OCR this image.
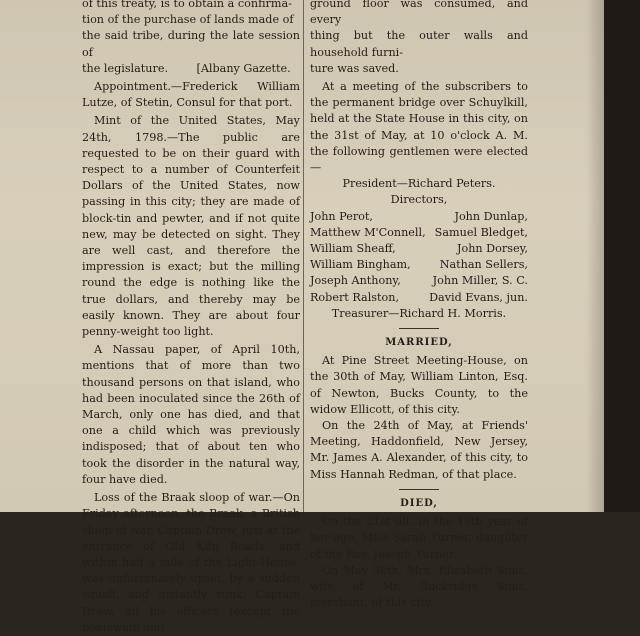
of this treaty, is to obtain a confirma-

tion of the purchase of lands made of

the said tribe, during the late session of

the legislature.        [Albany Gazette.

Appointment.—Frederick William Lutze, of Stetin, Consul for that port.

Mint of the United States, May 24th, 1798.—The public are requested to be on their guard with respect to a number of Counterfeit Dollars of the United States, now passing in this city; they are made of block-tin and pewter, and if not quite new, may be detected on sight. They are well cast, and therefore the impression is exact; but the milling round the edge is nothing like the true dollars, and thereby may be easily known. They are about four penny-weight too light.

A Nassau paper, of April 10th, mentions that of more than two thousand persons on that island, who had been inoculated since the 26th of March, only one has died, and that one a child which was previously indisposed; that of about ten who took the disorder in the natural way, four have died.

Loss of the Braak sloop of war.—On Friday afternoon, the Braak, a British sloop of war, Captain Drew, just at the entrance of Old Kiln Roads, and within half a mile of the Light-House, was unfortunately upset, by a sudden squall, and instantly sunk; Captain Drew, all his officers (except the boatswain and

ground floor was consumed, and every

thing but the outer walls and household furni-

ture was saved.

At a meeting of the subscribers to the permanent bridge over Schuylkill, held at the State House in this city, on the 31st of May, at 10 o'clock A. M. the following gentlemen were elected—

President—Richard Peters.

Directors,

John Perot,	John Dunlap,
Matthew M'Connell, Samuel Bledget,
William Sheaff,	John Dorsey,
William Bingham,	Nathan Sellers,
Joseph Anthony,	John Miller, S. C.
Robert Ralston,	David Evans, jun.

Treasurer—Richard H. Morris.

MARRIED,

At Pine Street Meeting-House, on the 30th of May, William Linton, Esq. of Newton, Bucks County, to the widow Ellicott, of this city.

On the 24th of May, at Friends' Meeting, Haddonfield, New Jersey, Mr. James A. Alexander, of this city, to Miss Hannah Redman, of that place.

DIED,

On the 21st ult. in the 19th year of her age, Miss Sarah Turner, daughter of the Rev. Joseph Turner.

On May 30th, Mrs. Elizabeth Sims, wife of Mr. Buckridge Sims, merchant, of this city.
